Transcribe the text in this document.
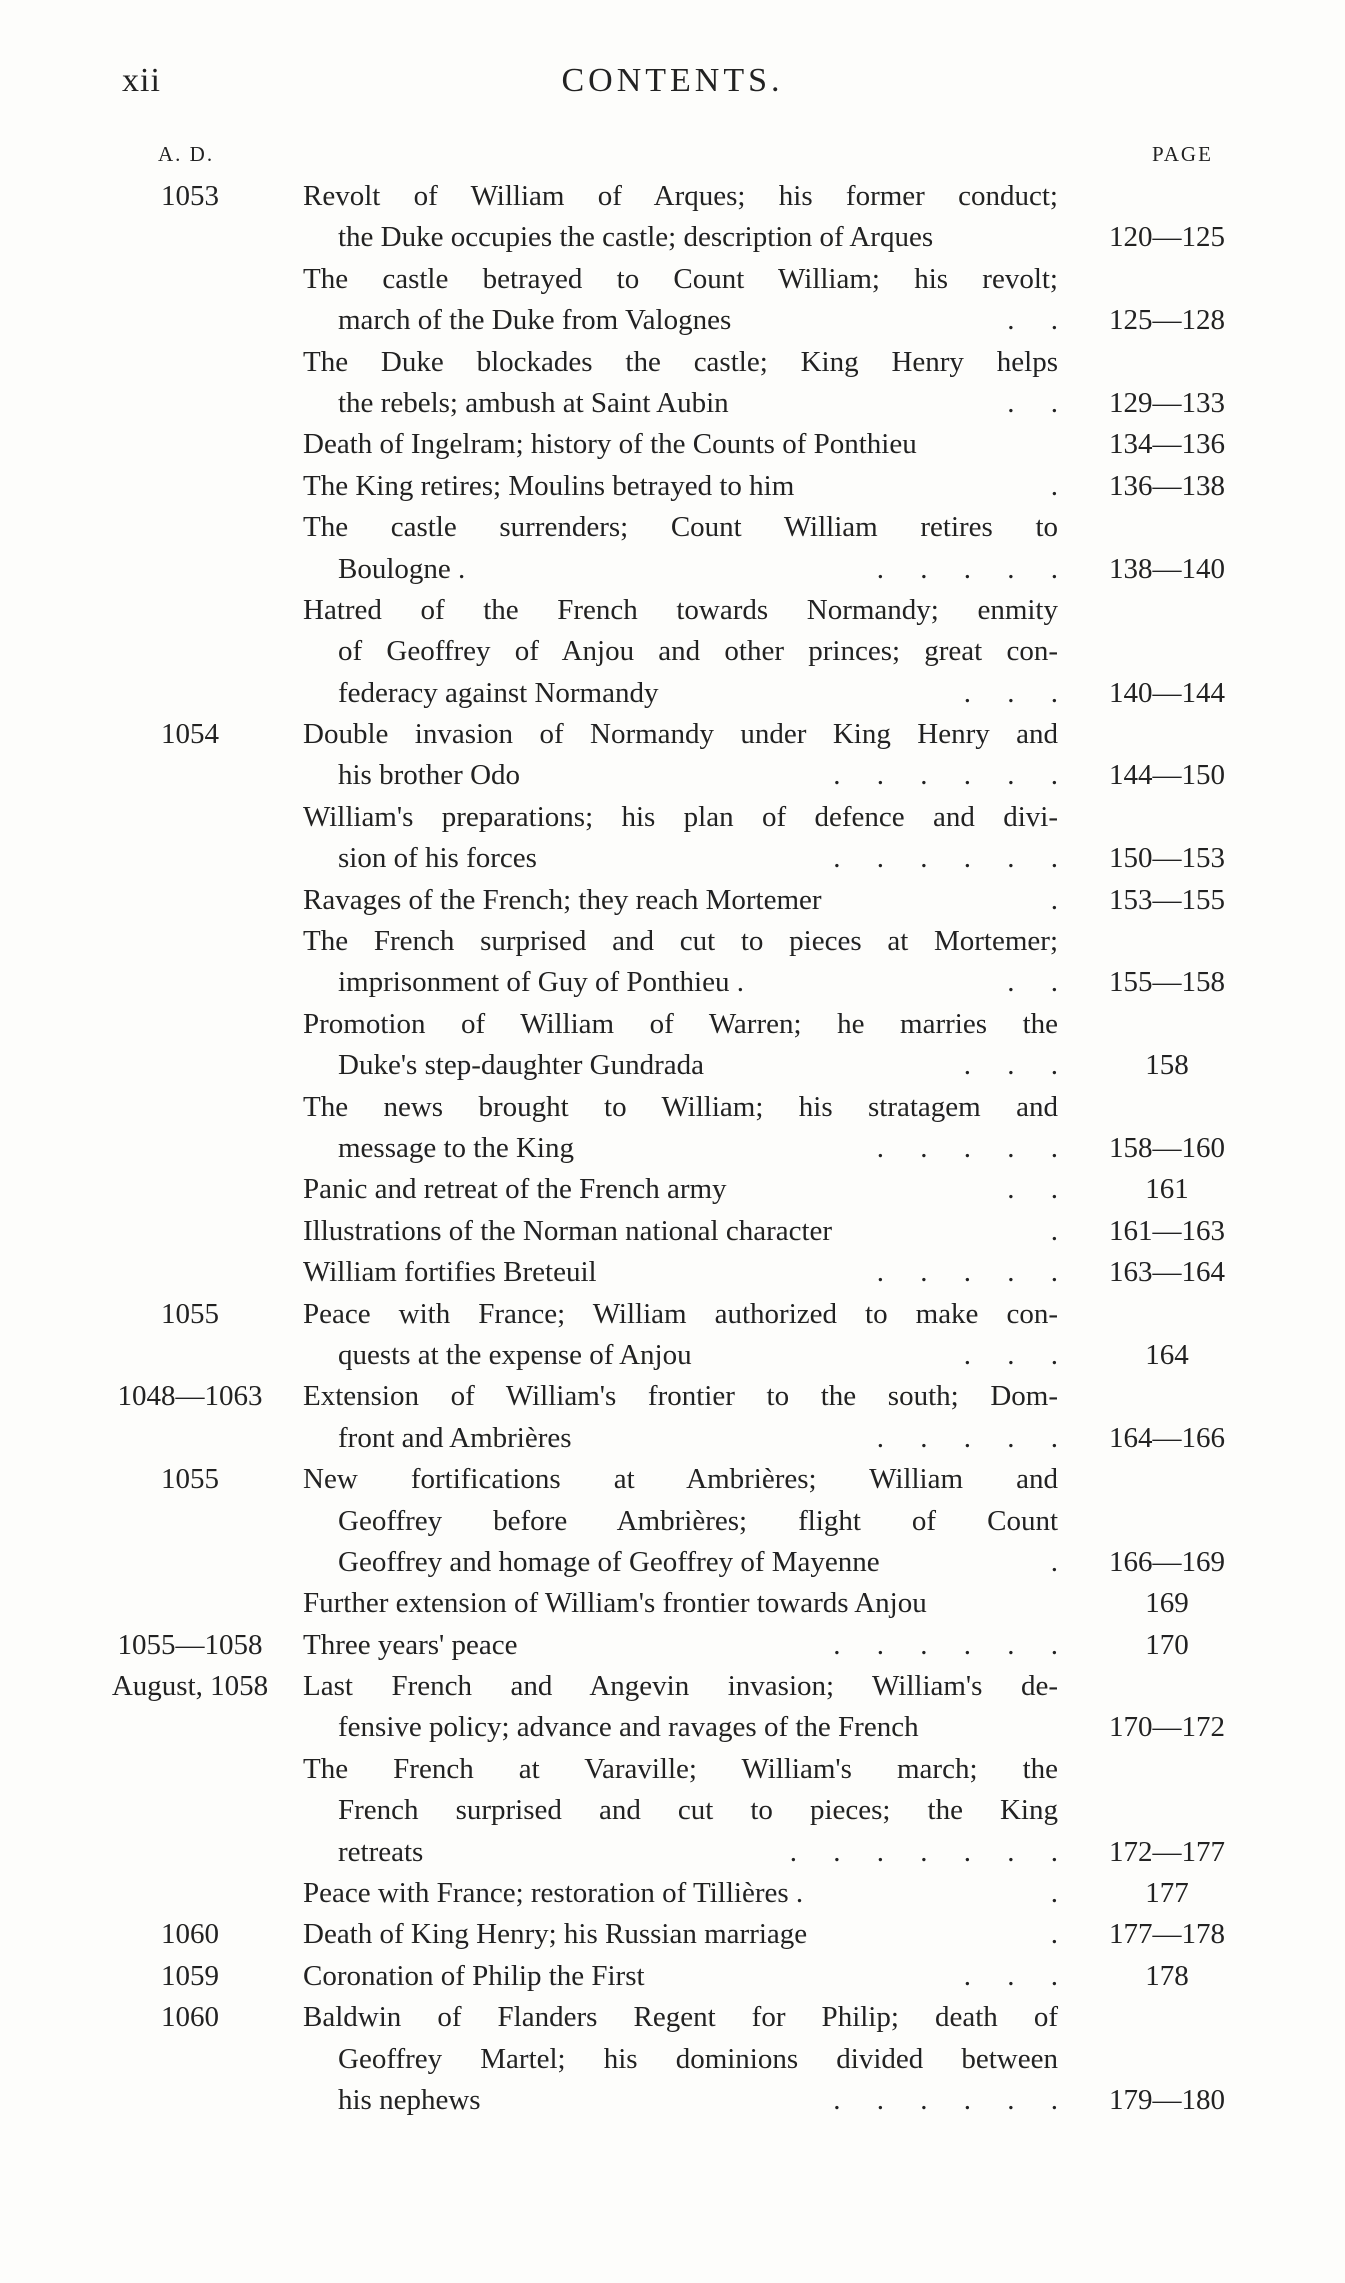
xii	CONTENTS.
A. D.	PAGE
1053	Revolt of William of Arques; his former conduct;
the Duke occupies the castle; description of Arques	120—125
The castle betrayed to Count William; his revolt;
march of the Duke from Valognes	.     .	125—128
The Duke blockades the castle; King Henry helps
the rebels; ambush at Saint Aubin	.     .	129—133
Death of Ingelram; history of the Counts of Ponthieu	134—136
The King retires; Moulins betrayed to him	.	136—138
The castle surrenders; Count William retires to
Boulogne .	.     .     .     .     .	138—140
Hatred of the French towards Normandy; enmity
of Geoffrey of Anjou and other princes; great con-
federacy against Normandy	.     .     .	140—144
1054	Double invasion of Normandy under King Henry and
his brother Odo	.     .     .     .     .     .	144—150
William's preparations; his plan of defence and divi-
sion of his forces	.     .     .     .     .     .	150—153
Ravages of the French; they reach Mortemer	.	153—155
The French surprised and cut to pieces at Mortemer;
imprisonment of Guy of Ponthieu .	.     .	155—158
Promotion of William of Warren; he marries the
Duke's step-daughter Gundrada	.     .     .	158
The news brought to William; his stratagem and
message to the King	.     .     .     .     .	158—160
Panic and retreat of the French army	.     .	161
Illustrations of the Norman national character	.	161—163
William fortifies Breteuil	.     .     .     .     .	163—164
1055	Peace with France; William authorized to make con-
quests at the expense of Anjou	.     .     .	164
1048—1063	Extension of William's frontier to the south; Dom-
front and Ambrières	.     .     .     .     .	164—166
1055	New fortifications at Ambrières; William and
Geoffrey before Ambrières; flight of Count
Geoffrey and homage of Geoffrey of Mayenne	.	166—169
Further extension of William's frontier towards Anjou	169
1055—1058	Three years' peace	.     .     .     .     .     .	170
August, 1058	Last French and Angevin invasion; William's de-
fensive policy; advance and ravages of the French	170—172
The French at Varaville; William's march; the
French surprised and cut to pieces; the King
retreats	.     .     .     .     .     .     .	172—177
Peace with France; restoration of Tillières .	.	177
1060	Death of King Henry; his Russian marriage	.	177—178
1059	Coronation of Philip the First	.     .     .	178
1060	Baldwin of Flanders Regent for Philip; death of
Geoffrey Martel; his dominions divided between
his nephews	.     .     .     .     .     .	179—180
